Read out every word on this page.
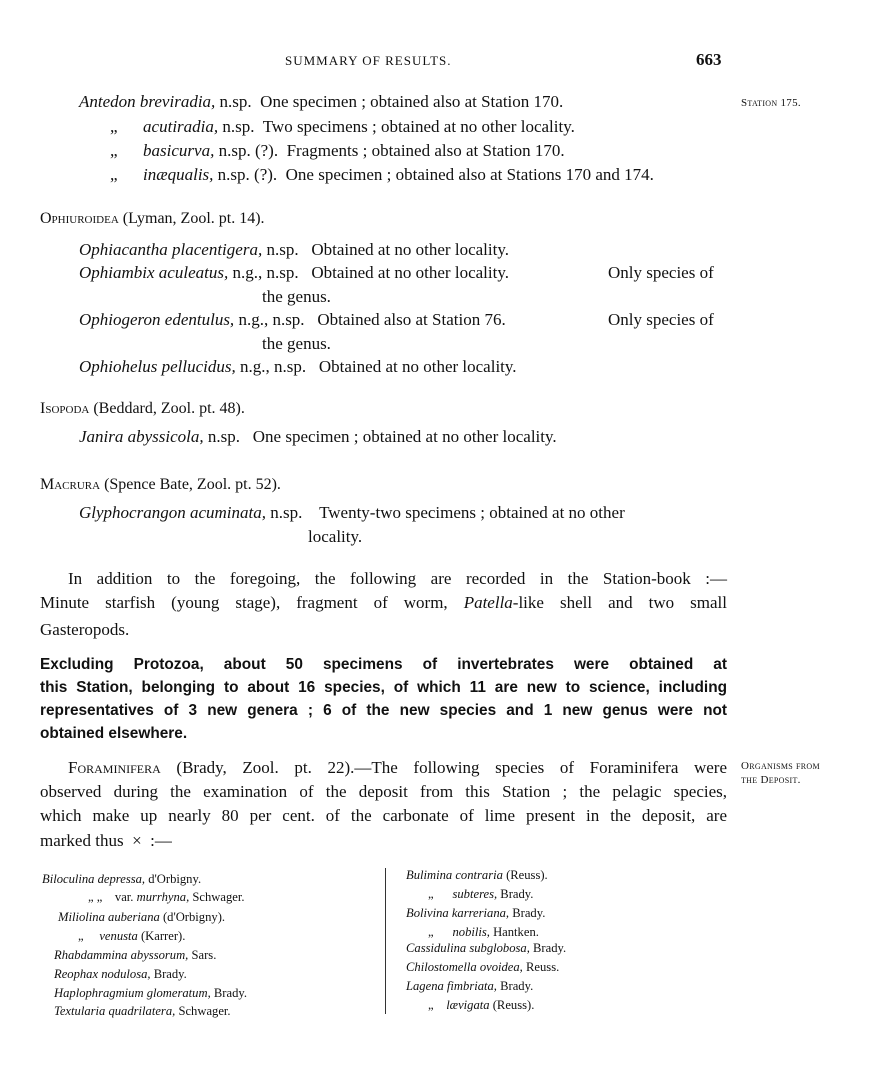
SUMMARY OF RESULTS.	663
Station 175.
Organisms from
the Deposit.
Antedon breviradia, n.sp. One specimen ; obtained also at Station 170.
„ acutiradia, n.sp. Two specimens ; obtained at no other locality.
„ basicurva, n.sp. (?). Fragments ; obtained also at Station 170.
„ inæqualis, n.sp. (?). One specimen ; obtained also at Stations 170 and 174.
Ophiuroidea (Lyman, Zool. pt. 14).
Ophiacantha placentigera, n.sp. Obtained at no other locality.
Ophiambix aculeatus, n.g., n.sp. Obtained at no other locality.	Only species of
the genus.
Ophiogeron edentulus, n.g., n.sp. Obtained also at Station 76.	Only species of
the genus.
Ophiohelus pellucidus, n.g., n.sp. Obtained at no other locality.
Isopoda (Beddard, Zool. pt. 48).
Janira abyssicola, n.sp. One specimen ; obtained at no other locality.
Macrura (Spence Bate, Zool. pt. 52).
Glyphocrangon acuminata, n.sp. Twenty-two specimens ; obtained at no other
locality.
In addition to the foregoing, the following are recorded in the Station-book :—
Minute starfish (young stage), fragment of worm, Patella-like shell and two small
Gasteropods.
Excluding Protozoa, about 50 specimens of invertebrates were obtained at
this Station, belonging to about 16 species, of which 11 are new to science, including
representatives of 3 new genera ; 6 of the new species and 1 new genus were not
obtained elsewhere.
Foraminifera (Brady, Zool. pt. 22).—The following species of Foraminifera were
observed during the examination of the deposit from this Station ; the pelagic species,
which make up nearly 80 per cent. of the carbonate of lime present in the deposit, are
marked thus × :—
Biloculina depressa, d'Orbigny.
„ „ var. murrhyna, Schwager.
Miliolina auberiana (d'Orbigny).
„ venusta (Karrer).
Rhabdammina abyssorum, Sars.
Reophax nodulosa, Brady.
Haplophragmium glomeratum, Brady.
Textularia quadrilatera, Schwager.
Bulimina contraria (Reuss).
„ subteres, Brady.
Bolivina karreriana, Brady.
„ nobilis, Hantken.
Cassidulina subglobosa, Brady.
Chilostomella ovoidea, Reuss.
Lagena fimbriata, Brady.
„ lævigata (Reuss).
